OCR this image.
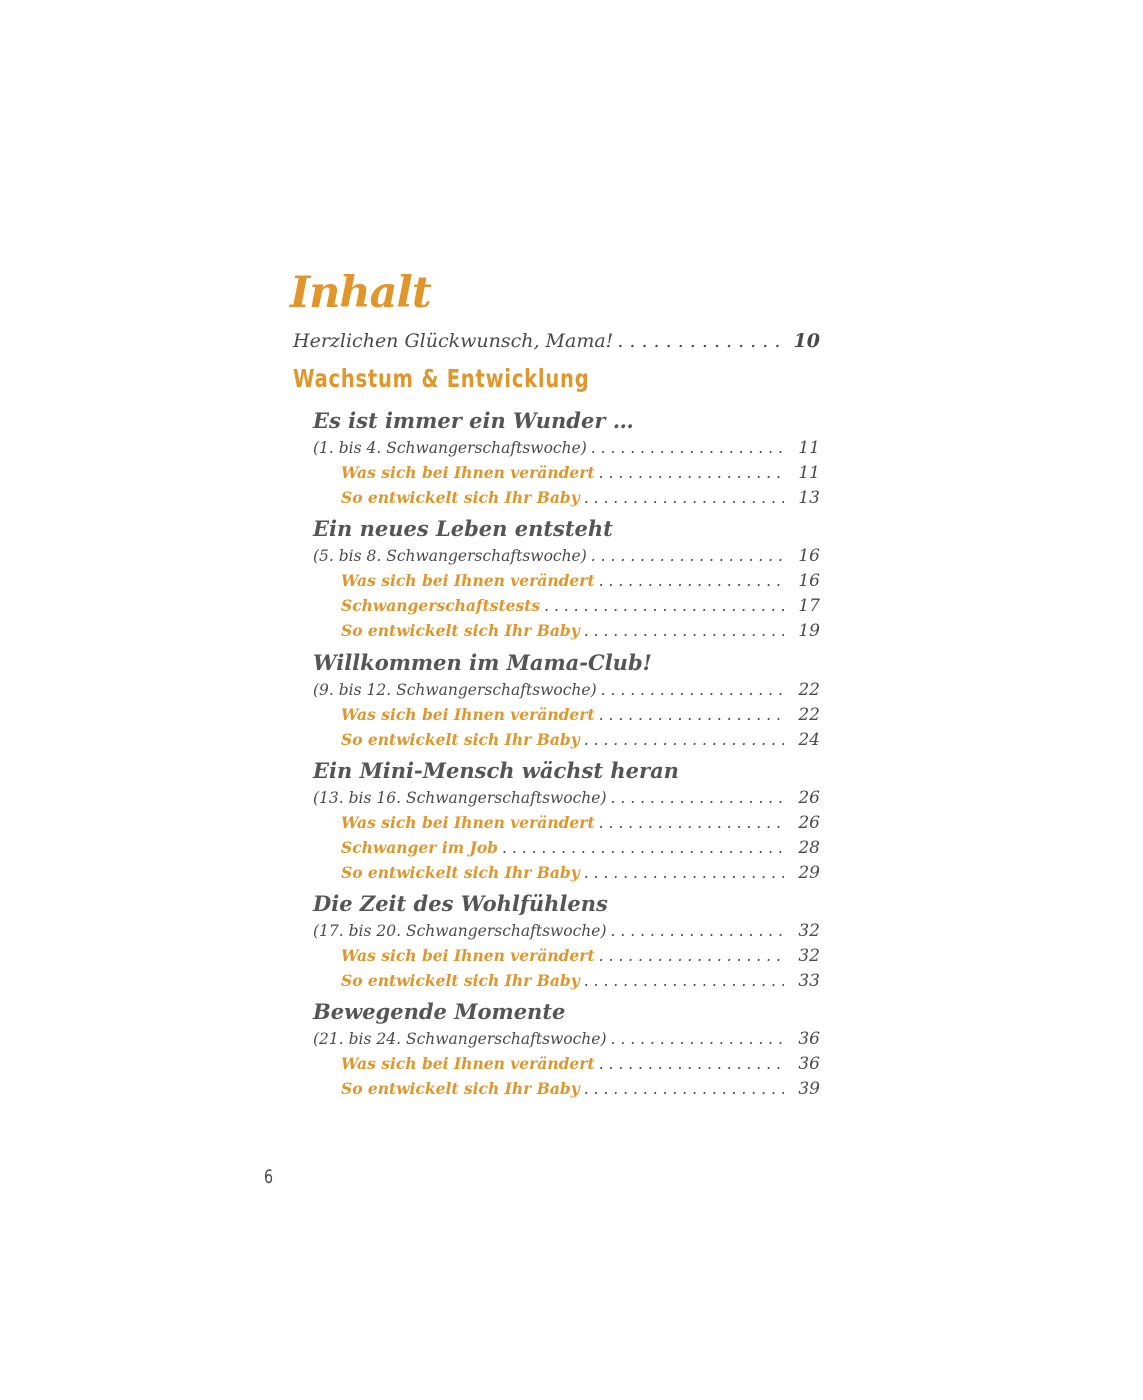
Inhalt
Herzlichen Glückwunsch, Mama! . . .	10
Wachstum & Entwicklung
Es ist immer ein Wunder …
(1. bis 4. Schwangerschaftswoche) . . .	11
Was sich bei Ihnen verändert . . .	11
So entwickelt sich Ihr Baby . . .	13
Ein neues Leben entsteht
(5. bis 8. Schwangerschaftswoche) . . .	16
Was sich bei Ihnen verändert . . .	16
Schwangerschaftstests . . .	17
So entwickelt sich Ihr Baby . . .	19
Willkommen im Mama-Club!
(9. bis 12. Schwangerschaftswoche) . . .	22
Was sich bei Ihnen verändert . . .	22
So entwickelt sich Ihr Baby . . .	24
Ein Mini-Mensch wächst heran
(13. bis 16. Schwangerschaftswoche) . . .	26
Was sich bei Ihnen verändert . . .	26
Schwanger im Job . . .	28
So entwickelt sich Ihr Baby . . .	29
Die Zeit des Wohlfühlens
(17. bis 20. Schwangerschaftswoche) . . .	32
Was sich bei Ihnen verändert . . .	32
So entwickelt sich Ihr Baby . . .	33
Bewegende Momente
(21. bis 24. Schwangerschaftswoche) . . .	36
Was sich bei Ihnen verändert . . .	36
So entwickelt sich Ihr Baby . . .	39
6
